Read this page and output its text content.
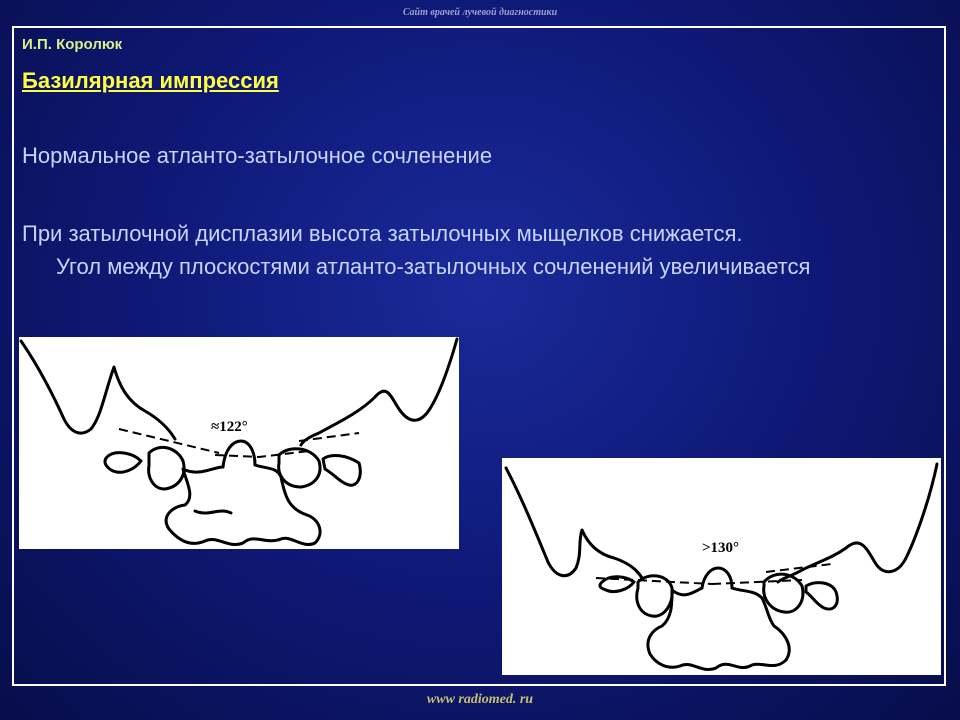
Сайт врачей лучевой диагностики
И.П. Королюк
Базилярная импрессия
Нормальное атланто-затылочное сочленение
При затылочной дисплазии высота затылочных мыщелков снижается.
Угол между плоскостями атланто-затылочных сочленений увеличивается
≈122°
>130°
www radiomed. ru
